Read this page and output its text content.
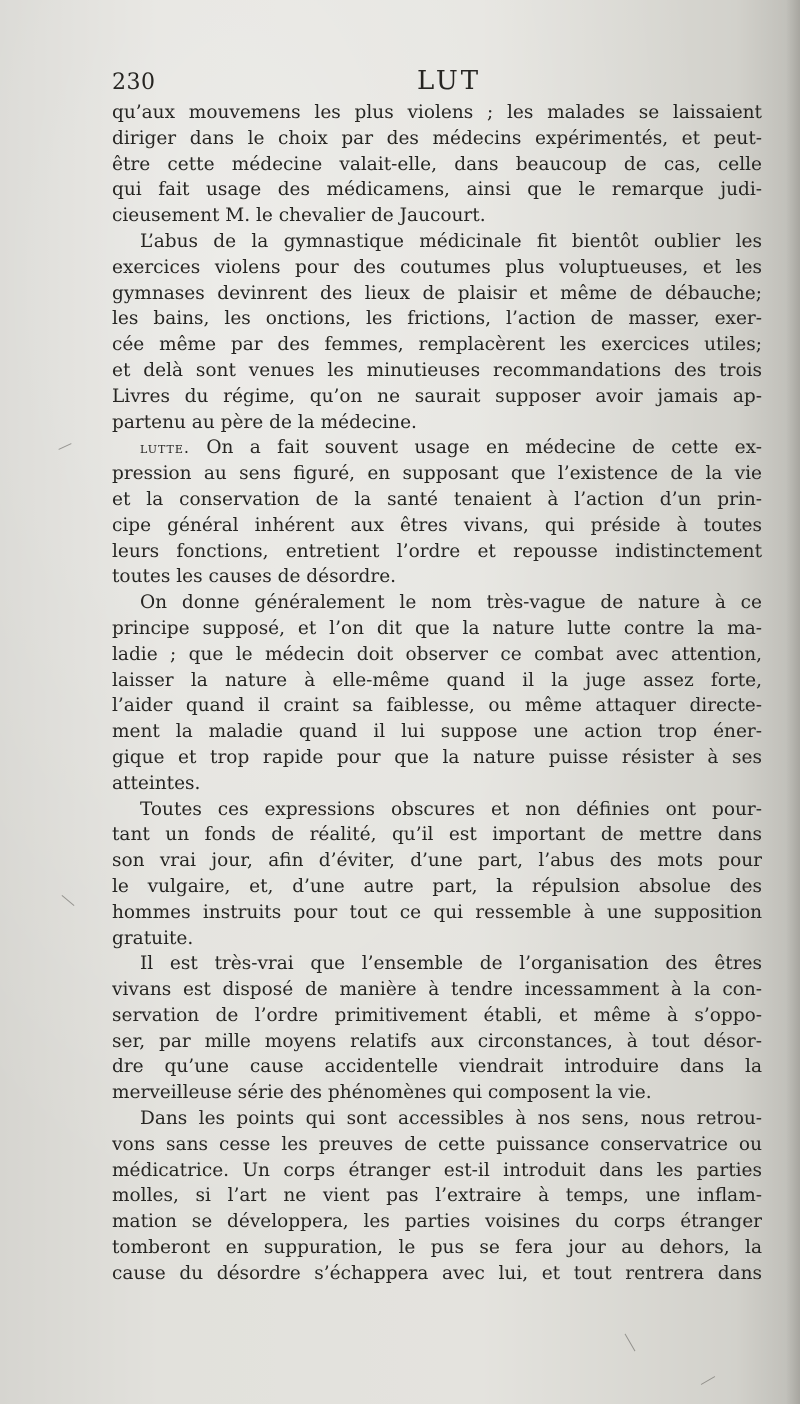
230	LUT
qu’aux mouvemens les plus violens ; les malades se laissaient
diriger dans le choix par des médecins expérimentés, et peut-
être cette médecine valait-elle, dans beaucoup de cas, celle
qui fait usage des médicamens, ainsi que le remarque judi-
cieusement M. le chevalier de Jaucourt.
L’abus de la gymnastique médicinale fit bientôt oublier les
exercices violens pour des coutumes plus voluptueuses, et les
gymnases devinrent des lieux de plaisir et même de débauche;
les bains, les onctions, les frictions, l’action de masser, exer-
cée même par des femmes, remplacèrent les exercices utiles;
et delà sont venues les minutieuses recommandations des trois
Livres du régime, qu’on ne saurait supposer avoir jamais ap-
partenu au père de la médecine.
lutte. On a fait souvent usage en médecine de cette ex-
pression au sens figuré, en supposant que l’existence de la vie
et la conservation de la santé tenaient à l’action d’un prin-
cipe général inhérent aux êtres vivans, qui préside à toutes
leurs fonctions, entretient l’ordre et repousse indistinctement
toutes les causes de désordre.
On donne généralement le nom très-vague de nature à ce
principe supposé, et l’on dit que la nature lutte contre la ma-
ladie ; que le médecin doit observer ce combat avec attention,
laisser la nature à elle-même quand il la juge assez forte,
l’aider quand il craint sa faiblesse, ou même attaquer directe-
ment la maladie quand il lui suppose une action trop éner-
gique et trop rapide pour que la nature puisse résister à ses
atteintes.
Toutes ces expressions obscures et non définies ont pour-
tant un fonds de réalité, qu’il est important de mettre dans
son vrai jour, afin d’éviter, d’une part, l’abus des mots pour
le vulgaire, et, d’une autre part, la répulsion absolue des
hommes instruits pour tout ce qui ressemble à une supposition
gratuite.
Il est très-vrai que l’ensemble de l’organisation des êtres
vivans est disposé de manière à tendre incessamment à la con-
servation de l’ordre primitivement établi, et même à s’oppo-
ser, par mille moyens relatifs aux circonstances, à tout désor-
dre qu’une cause accidentelle viendrait introduire dans la
merveilleuse série des phénomènes qui composent la vie.
Dans les points qui sont accessibles à nos sens, nous retrou-
vons sans cesse les preuves de cette puissance conservatrice ou
médicatrice. Un corps étranger est-il introduit dans les parties
molles, si l’art ne vient pas l’extraire à temps, une inflam-
mation se développera, les parties voisines du corps étranger
tomberont en suppuration, le pus se fera jour au dehors, la
cause du désordre s’échappera avec lui, et tout rentrera dans
